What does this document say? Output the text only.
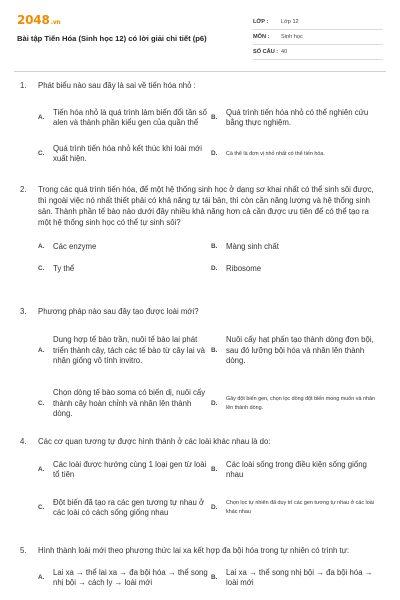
2048.vn
Bài tập Tiến Hóa (Sinh học 12) có lời giải chi tiết (p6)
LỚP :	Lớp 12
MÔN :	Sinh học
SỐ CÂU : 40
1.	Phát biểu nào sau đây là sai về tiến hóa nhỏ :
A.
Tiến hóa nhỏ là quá trình làm biến đổi tần số alen và thành phần kiểu gen của quần thể
B.
Quá trình tiến hóa nhỏ có thể nghiên cứu bằng thực nghiệm.
C.
Quá trình tiến hóa nhỏ kết thúc khi loài mới xuất hiện.
D.	Cá thể là đơn vị nhỏ nhất có thể tiến hóa.
2.	Trong các quá trình tiến hóa, để một hệ thống sinh học ở dạng sơ khai nhất có thể sinh sôi được, thì ngoài việc nó nhất thiết phải có khả năng tự tái bản, thì còn cần năng lượng và hệ thống sinh sản. Thành phần tế bào nào dưới đây nhiều khả năng hơn cả cần được ưu tiên để có thể tạo ra một hệ thống sinh học có thể tự sinh sôi?
A.	Các enzyme	B.	Màng sinh chất
C.	Ty thể	D.	Ribosome
3.	Phương pháp nào sau đây tạo được loài mới?
A.
Dung hợp tế bào trần, nuôi tế bào lai phát triển thành cây, tách các tế bào từ cây lai và nhân giống vô tính invitro.
B.
Nuôi cấy hạt phấn tạo thành dòng đơn bội, sau đó lưỡng bội hóa và nhân lên thành dòng.
C.
Chọn dòng tế bào soma có biến dị, nuôi cấy thành cây hoàn chỉnh và nhân lên thành dòng.
D.
Gây đột biến gen, chọn lọc dòng đột biến mong muốn và nhân lên thành dòng.
4.	Các cơ quan tương tự được hình thành ở các loài khác nhau là do:
A.
Các loài được hướng cùng 1 loại gen từ loài tổ tiên
B.
Các loài sống trong điều kiện sống giống nhau
C.
Đột biến đã tạo ra các gen tương tự nhau ở các loài có cách sống giống nhau
D.
Chọn lọc tự nhiên đã duy trì các gen tương tự nhau ở các loài khác nhau
5.	Hình thành loài mới theo phương thức lai xa kết hợp đa bội hóa trong tự nhiên có trình tự:
A.
Lai xa → thể lai xa → đa bội hóa → thể song nhị bội → cách ly → loài mới
B.
Lai xa → thể song nhị bội → đa bội hóa → loài mới
